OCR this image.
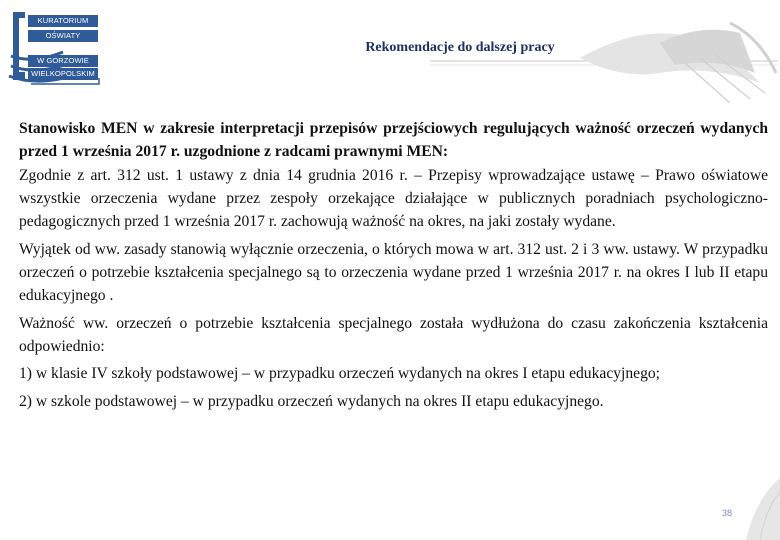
KURATORIUM
OŚWIATY
W GORZOWIE
WIELKOPOLSKIM
Rekomendacje do dalszej pracy

Stanowisko MEN w zakresie interpretacji przepisów przejściowych regulujących ważność orzeczeń wydanych przed 1 września 2017 r. uzgodnione z radcami prawnymi MEN:

Zgodnie z art. 312 ust. 1 ustawy z dnia 14 grudnia 2016 r. – Przepisy wprowadzające ustawę – Prawo oświatowe wszystkie orzeczenia wydane przez zespoły orzekające działające w publicznych poradniach psychologiczno-pedagogicznych przed 1 września 2017 r. zachowują ważność na okres, na jaki zostały wydane.

Wyjątek od ww. zasady stanowią wyłącznie orzeczenia, o których mowa w art. 312 ust. 2 i 3 ww. ustawy. W przypadku orzeczeń o potrzebie kształcenia specjalnego są to orzeczenia wydane przed 1 września 2017 r. na okres I lub II etapu edukacyjnego .

Ważność ww. orzeczeń o potrzebie kształcenia specjalnego została wydłużona do czasu zakończenia kształcenia odpowiednio:

1) w klasie IV szkoły podstawowej – w przypadku orzeczeń wydanych na okres I etapu edukacyjnego;

2) w szkole podstawowej – w przypadku orzeczeń wydanych na okres II etapu edukacyjnego.

38
